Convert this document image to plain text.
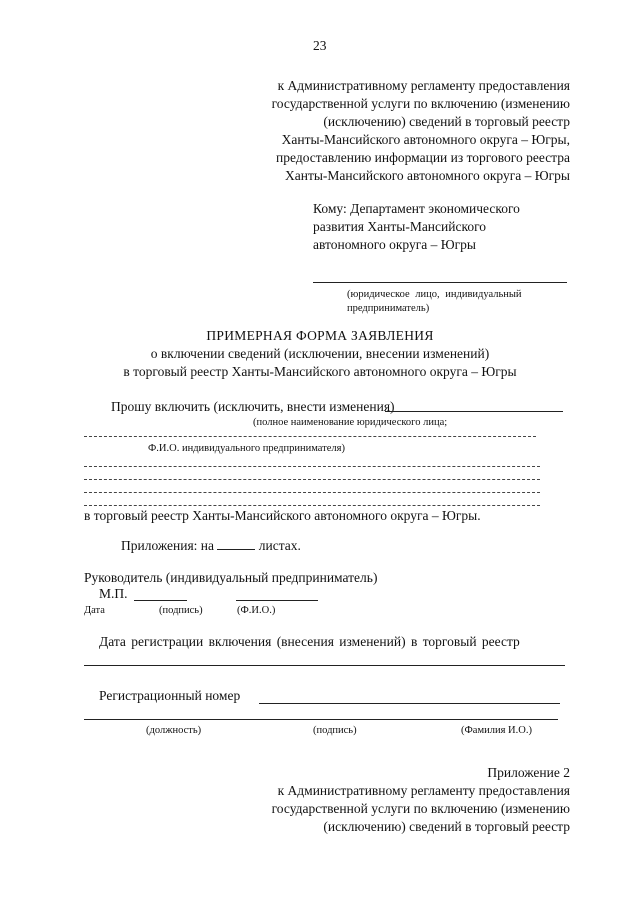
23
к Административному регламенту предоставления
государственной услуги по включению (изменению
(исключению) сведений в торговый реестр
Ханты-Мансийского автономного округа – Югры,
предоставлению информации из торгового реестра
Ханты-Мансийского автономного округа – Югры
Кому: Департамент экономического
развития Ханты-Мансийского
автономного округа – Югры
(юридическое лицо, индивидуальный
предприниматель)
ПРИМЕРНАЯ ФОРМА ЗАЯВЛЕНИЯ
о включении сведений (исключении, внесении изменений)
в торговый реестр Ханты-Мансийского автономного округа – Югры
Прошу включить (исключить, внести изменения)
(полное наименование юридического лица;
Ф.И.О. индивидуального предпринимателя)
в торговый реестр Ханты-Мансийского автономного округа – Югры.
Приложения: на	листах.
Руководитель (индивидуальный предприниматель)
М.П.
Дата	(подпись)	(Ф.И.О.)
Дата регистрации включения (внесения изменений) в торговый реестр
Регистрационный номер
(должность)	(подпись)	(Фамилия И.О.)
Приложение 2
к Административному регламенту предоставления
государственной услуги по включению (изменению
(исключению) сведений в торговый реестр
